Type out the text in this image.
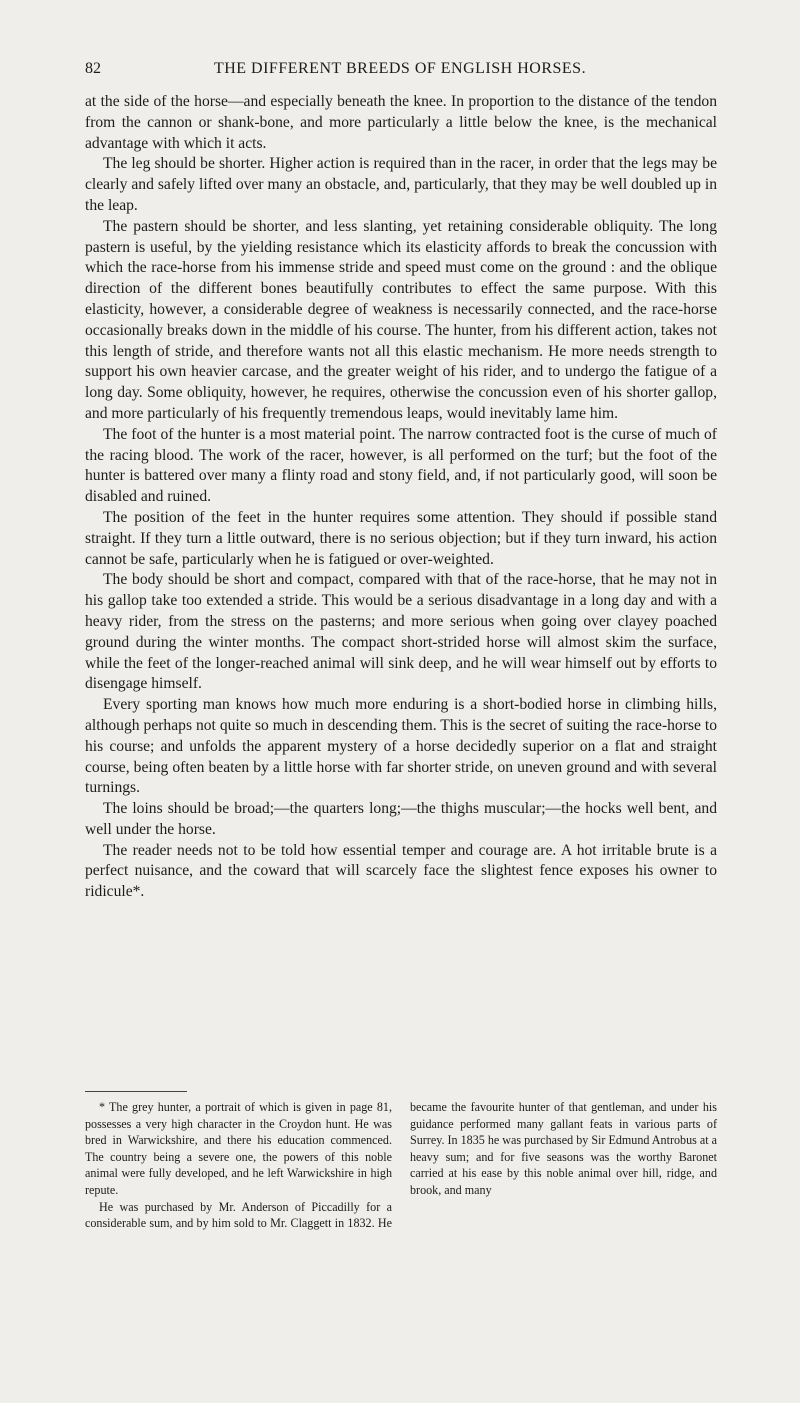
82	THE DIFFERENT BREEDS OF ENGLISH HORSES.

at the side of the horse—and especially beneath the knee. In proportion to the distance of the tendon from the cannon or shank-bone, and more particularly a little below the knee, is the mechanical advantage with which it acts.

The leg should be shorter. Higher action is required than in the racer, in order that the legs may be clearly and safely lifted over many an obstacle, and, particularly, that they may be well doubled up in the leap.

The pastern should be shorter, and less slanting, yet retaining considerable obliquity. The long pastern is useful, by the yielding resistance which its elasticity affords to break the concussion with which the race-horse from his immense stride and speed must come on the ground : and the oblique direction of the different bones beautifully contributes to effect the same purpose. With this elasticity, however, a considerable degree of weakness is necessarily connected, and the race-horse occasionally breaks down in the middle of his course. The hunter, from his different action, takes not this length of stride, and therefore wants not all this elastic mechanism. He more needs strength to support his own heavier carcase, and the greater weight of his rider, and to undergo the fatigue of a long day. Some obliquity, however, he requires, otherwise the concussion even of his shorter gallop, and more particularly of his frequently tremendous leaps, would inevitably lame him.

The foot of the hunter is a most material point. The narrow contracted foot is the curse of much of the racing blood. The work of the racer, however, is all performed on the turf; but the foot of the hunter is battered over many a flinty road and stony field, and, if not particularly good, will soon be disabled and ruined.

The position of the feet in the hunter requires some attention. They should if possible stand straight. If they turn a little outward, there is no serious objection; but if they turn inward, his action cannot be safe, particularly when he is fatigued or over-weighted.

The body should be short and compact, compared with that of the race-horse, that he may not in his gallop take too extended a stride. This would be a serious disadvantage in a long day and with a heavy rider, from the stress on the pasterns; and more serious when going over clayey poached ground during the winter months. The compact short-strided horse will almost skim the surface, while the feet of the longer-reached animal will sink deep, and he will wear himself out by efforts to disengage himself.

Every sporting man knows how much more enduring is a short-bodied horse in climbing hills, although perhaps not quite so much in descending them. This is the secret of suiting the race-horse to his course; and unfolds the apparent mystery of a horse decidedly superior on a flat and straight course, being often beaten by a little horse with far shorter stride, on uneven ground and with several turnings.

The loins should be broad;—the quarters long;—the thighs muscular;—the hocks well bent, and well under the horse.

The reader needs not to be told how essential temper and courage are. A hot irritable brute is a perfect nuisance, and the coward that will scarcely face the slightest fence exposes his owner to ridicule*.

* The grey hunter, a portrait of which is given in page 81, possesses a very high character in the Croydon hunt. He was bred in Warwickshire, and there his education commenced. The country being a severe one, the powers of this noble animal were fully developed, and he left Warwickshire in high repute.

He was purchased by Mr. Anderson of Piccadilly for a considerable sum, and by him sold to Mr. Claggett in 1832. He became the favourite hunter of that gentleman, and under his guidance performed many gallant feats in various parts of Surrey. In 1835 he was purchased by Sir Edmund Antrobus at a heavy sum; and for five seasons was the worthy Baronet carried at his ease by this noble animal over hill, ridge, and brook, and many
